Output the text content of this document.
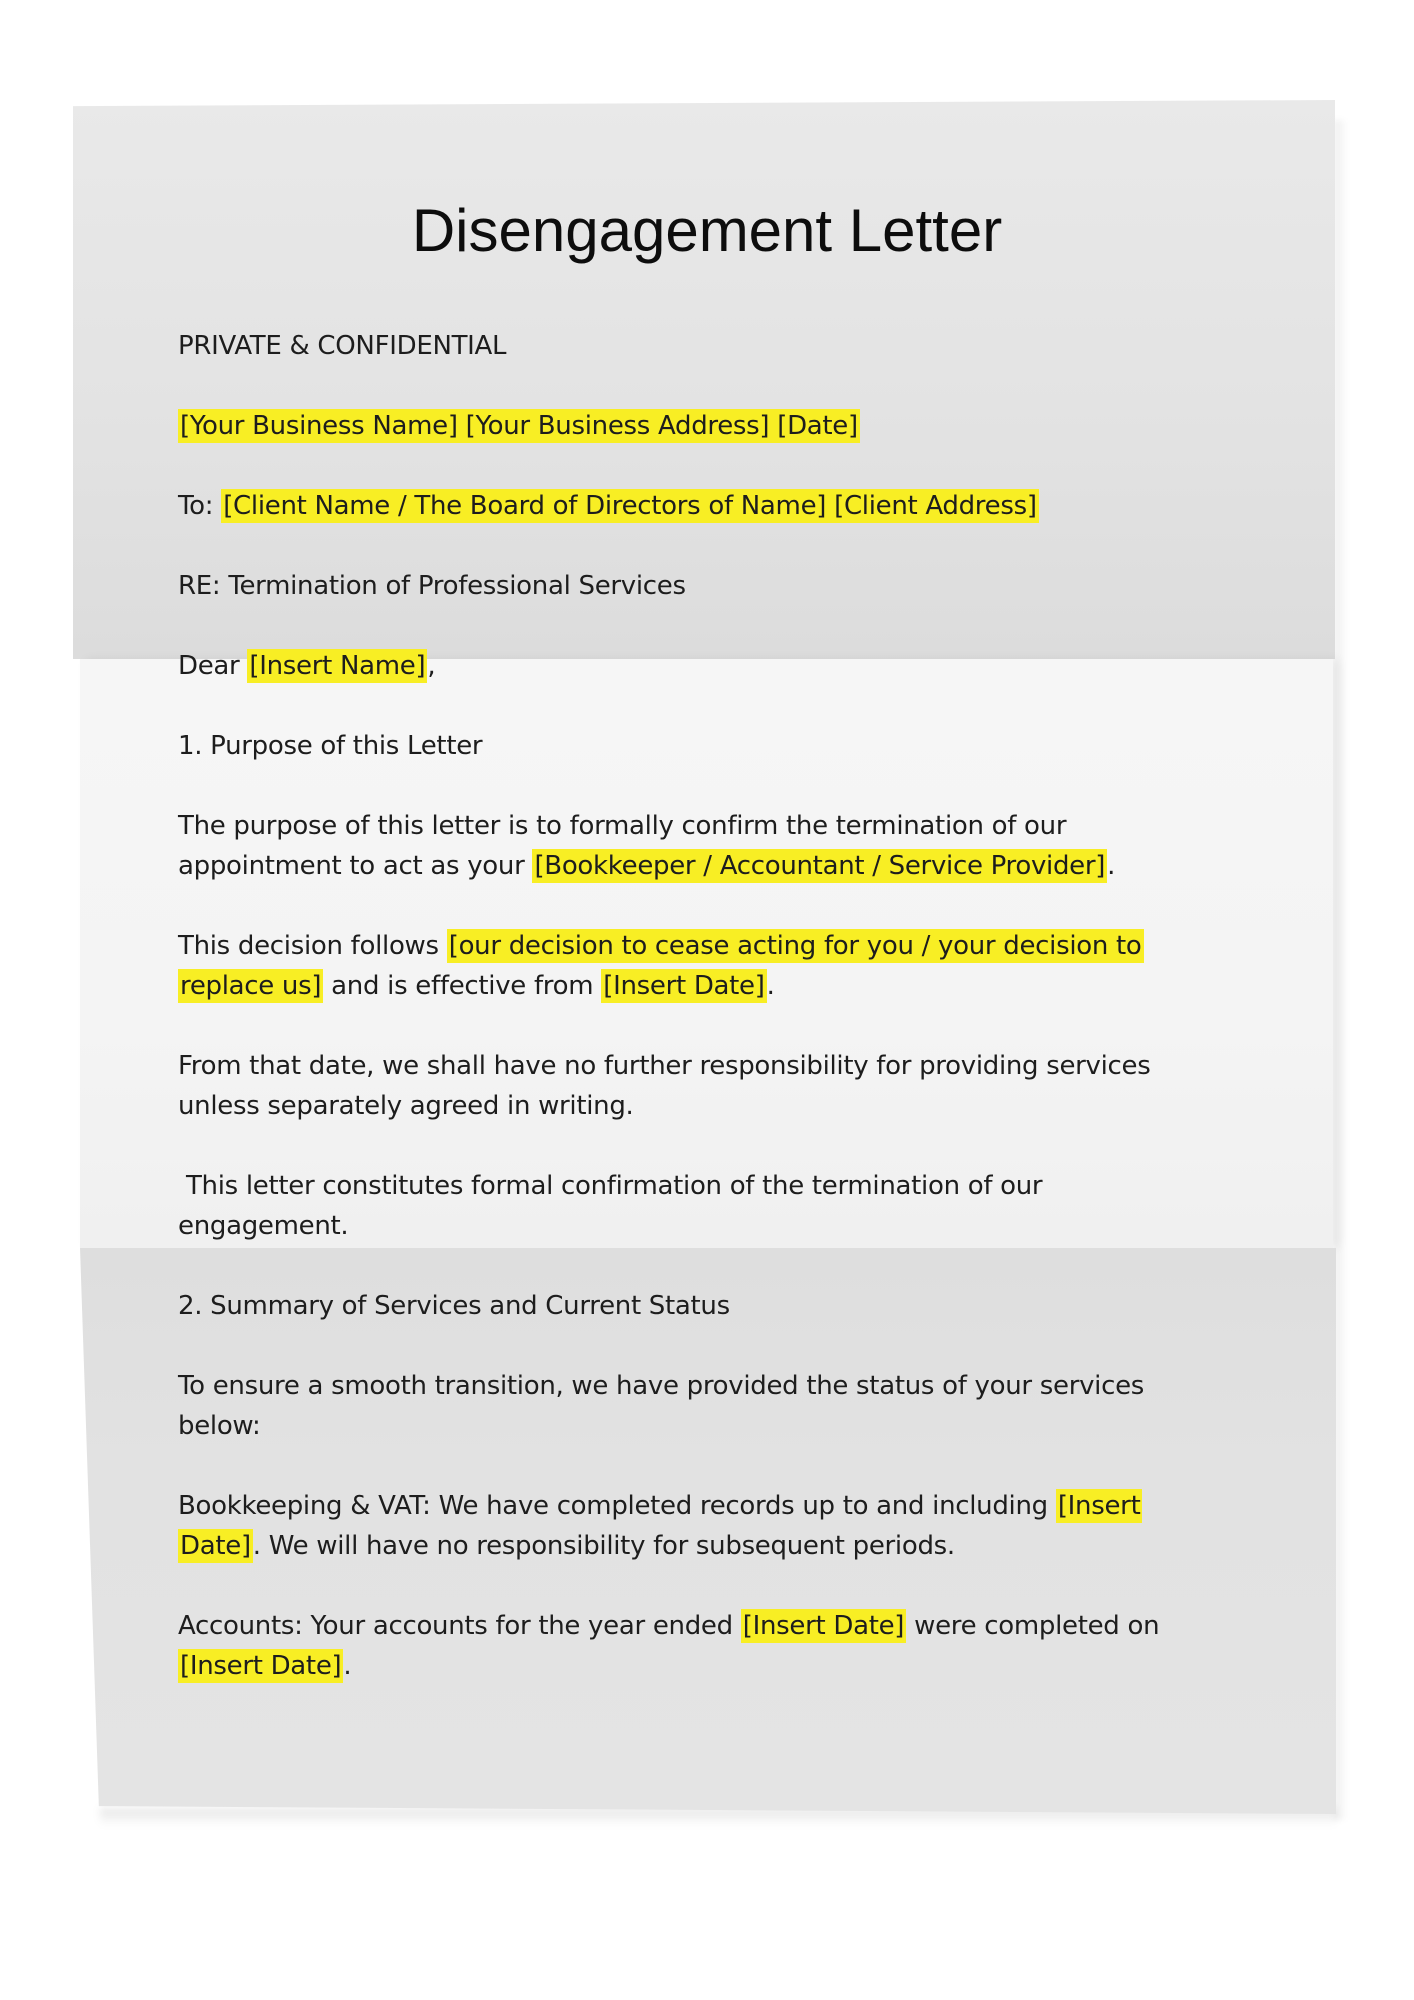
Disengagement Letter
PRIVATE & CONFIDENTIAL
[Your Business Name] [Your Business Address] [Date]
To: [Client Name / The Board of Directors of Name] [Client Address]
RE: Termination of Professional Services
Dear [Insert Name],
1. Purpose of this Letter
The purpose of this letter is to formally confirm the termination of our
appointment to act as your [Bookkeeper / Accountant / Service Provider].
This decision follows [our decision to cease acting for you / your decision to
replace us] and is effective from [Insert Date].
From that date, we shall have no further responsibility for providing services
unless separately agreed in writing.
This letter constitutes formal confirmation of the termination of our
engagement.
2. Summary of Services and Current Status
To ensure a smooth transition, we have provided the status of your services
below:
Bookkeeping & VAT: We have completed records up to and including [Insert
Date]. We will have no responsibility for subsequent periods.
Accounts: Your accounts for the year ended [Insert Date] were completed on
[Insert Date].
